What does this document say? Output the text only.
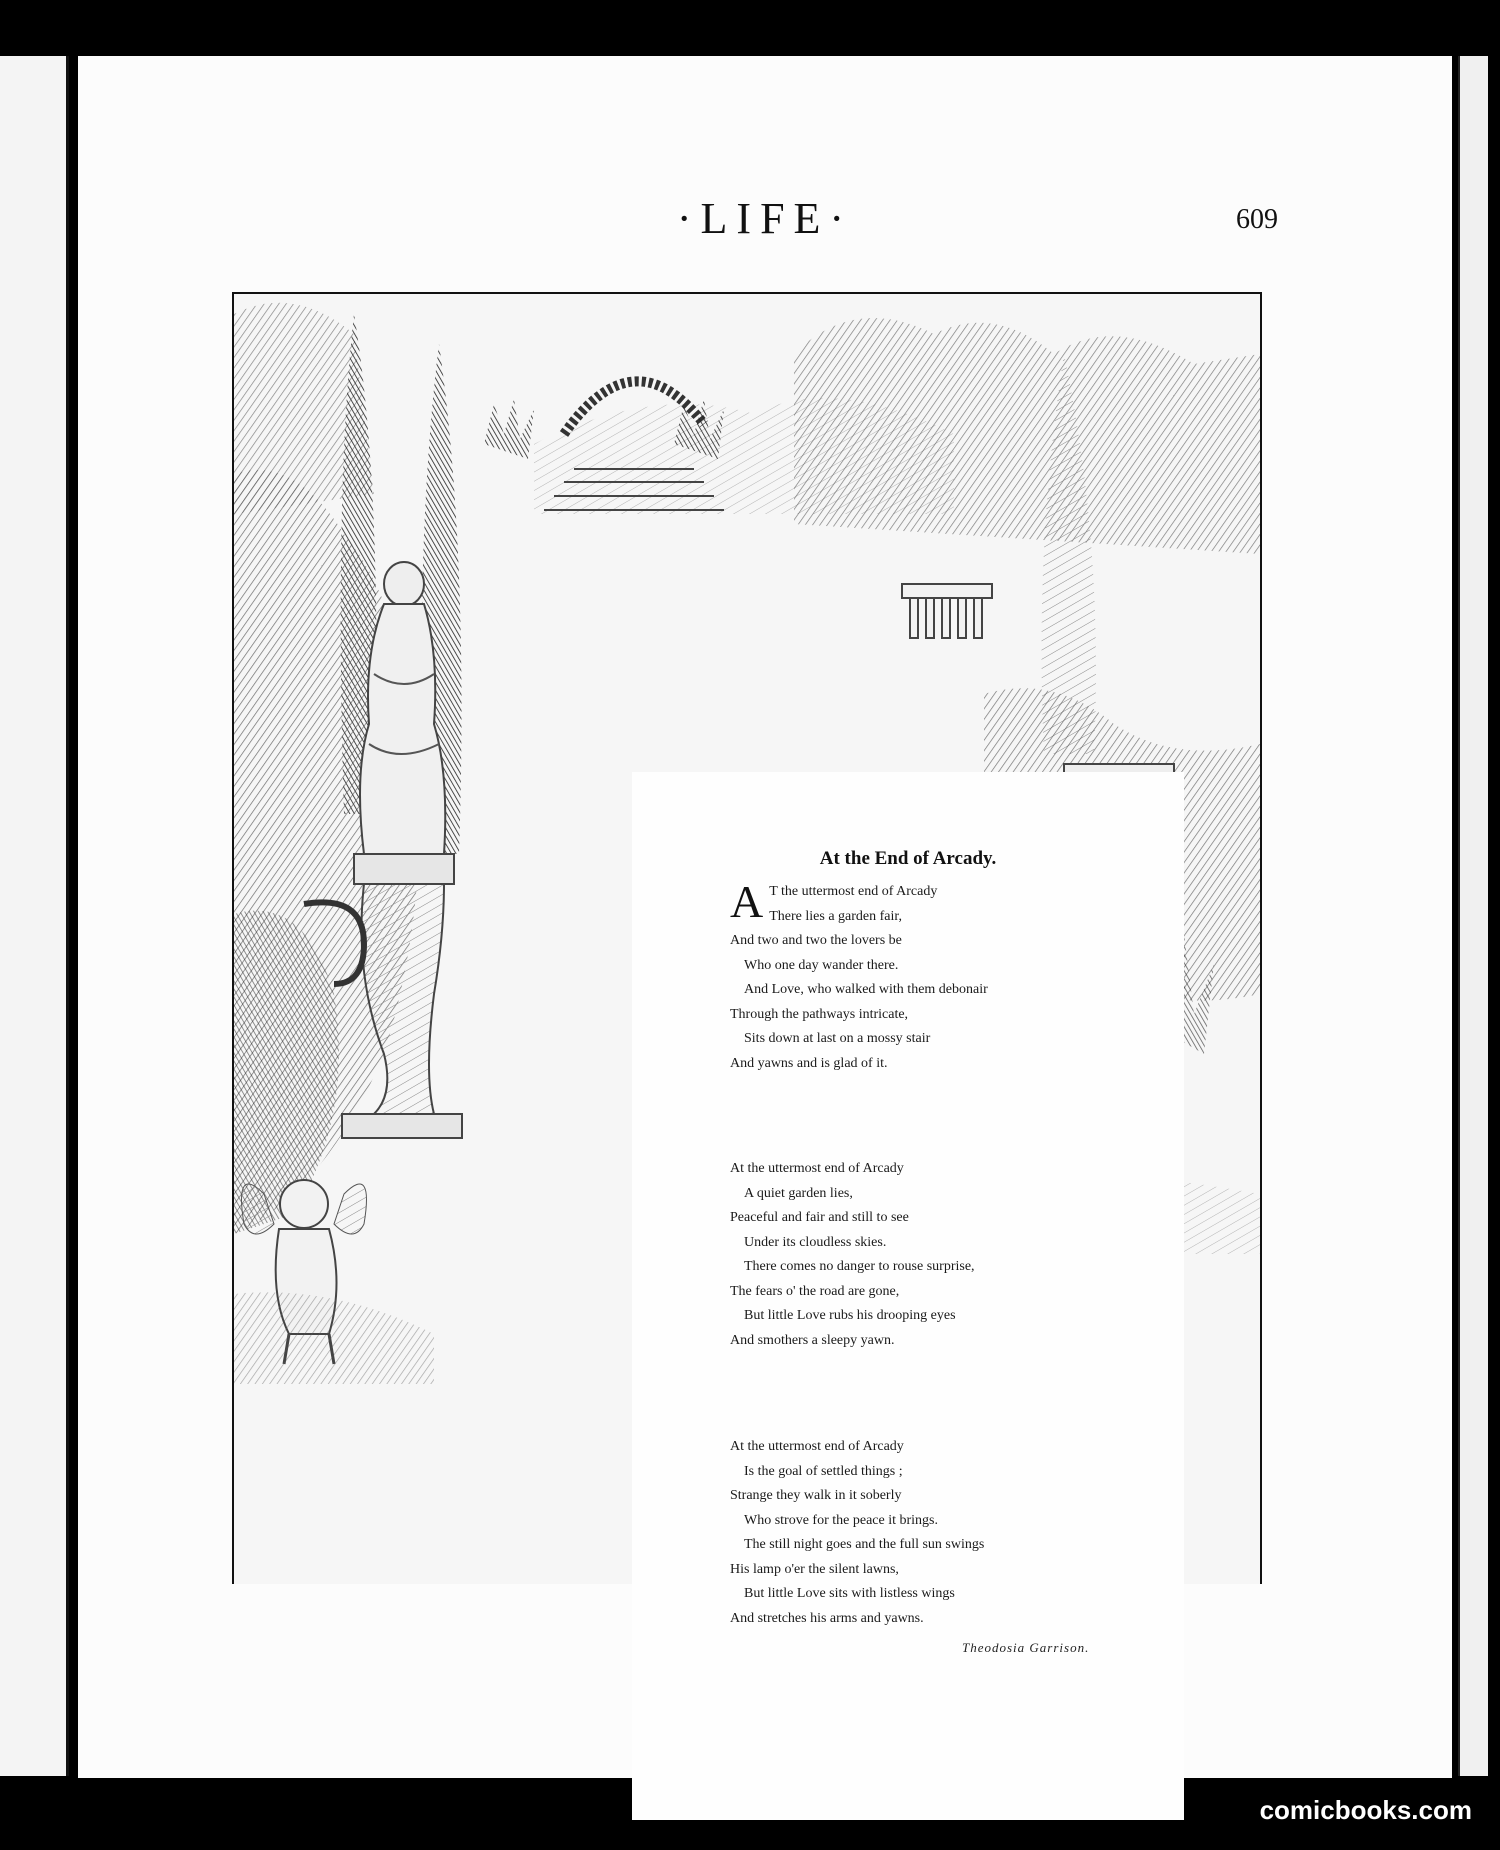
·LIFE·	609
At the End of Arcady.
A T the uttermost end of Arcady
There lies a garden fair,
And two and two the lovers be
Who one day wander there.
And Love, who walked with them debonair
Through the pathways intricate,
Sits down at last on a mossy stair
And yawns and is glad of it.
At the uttermost end of Arcady
A quiet garden lies,
Peaceful and fair and still to see
Under its cloudless skies.
There comes no danger to rouse surprise,
The fears o' the road are gone,
But little Love rubs his drooping eyes
And smothers a sleepy yawn.
At the uttermost end of Arcady
Is the goal of settled things ;
Strange they walk in it soberly
Who strove for the peace it brings.
The still night goes and the full sun swings
His lamp o'er the silent lawns,
But little Love sits with listless wings
And stretches his arms and yawns.
Theodosia Garrison.
comicbooks.com
